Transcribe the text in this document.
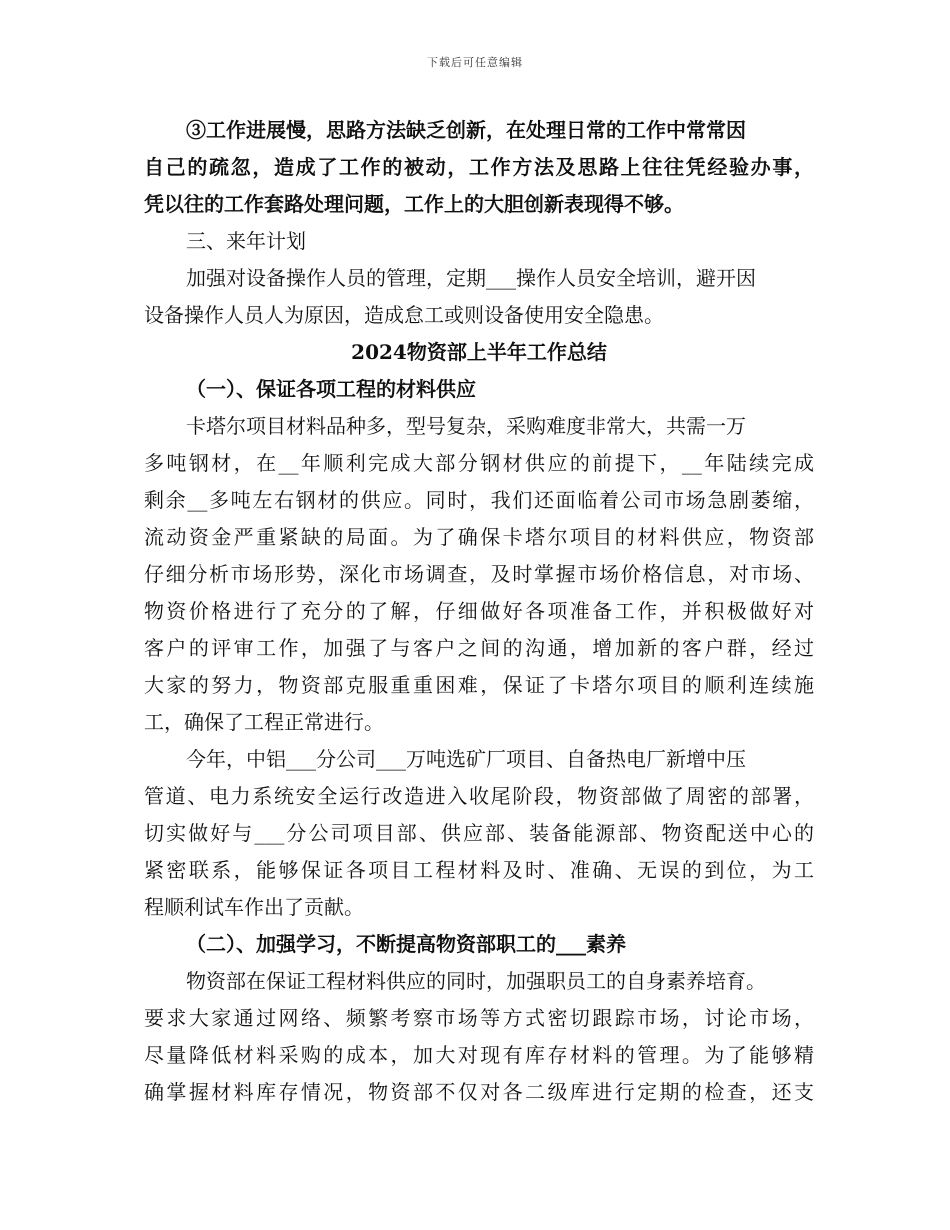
下载后可任意编辑
③工作进展慢，思路方法缺乏创新，在处理日常的工作中常常因
自己的疏忽，造成了工作的被动，工作方法及思路上往往凭经验办事，
凭以往的工作套路处理问题，工作上的大胆创新表现得不够。
三、来年计划
加强对设备操作人员的管理，定期___操作人员安全培训，避开因
设备操作人员人为原因，造成怠工或则设备使用安全隐患。
2024物资部上半年工作总结
（一）、保证各项工程的材料供应
卡塔尔项目材料品种多，型号复杂，采购难度非常大，共需一万
多吨钢材，在__年顺利完成大部分钢材供应的前提下，__年陆续完成
剩余__多吨左右钢材的供应。同时，我们还面临着公司市场急剧萎缩，
流动资金严重紧缺的局面。为了确保卡塔尔项目的材料供应，物资部
仔细分析市场形势，深化市场调查，及时掌握市场价格信息，对市场、
物资价格进行了充分的了解，仔细做好各项准备工作，并积极做好对
客户的评审工作，加强了与客户之间的沟通，增加新的客户群，经过
大家的努力，物资部克服重重困难，保证了卡塔尔项目的顺利连续施
工，确保了工程正常进行。
今年，中铝___分公司___万吨选矿厂项目、自备热电厂新增中压
管道、电力系统安全运行改造进入收尾阶段，物资部做了周密的部署，
切实做好与___分公司项目部、供应部、装备能源部、物资配送中心的
紧密联系，能够保证各项目工程材料及时、准确、无误的到位，为工
程顺利试车作出了贡献。
（二）、加强学习，不断提高物资部职工的___素养
物资部在保证工程材料供应的同时，加强职员工的自身素养培育。
要求大家通过网络、频繁考察市场等方式密切跟踪市场，讨论市场，
尽量降低材料采购的成本，加大对现有库存材料的管理。为了能够精
确掌握材料库存情况，物资部不仅对各二级库进行定期的检查，还支
